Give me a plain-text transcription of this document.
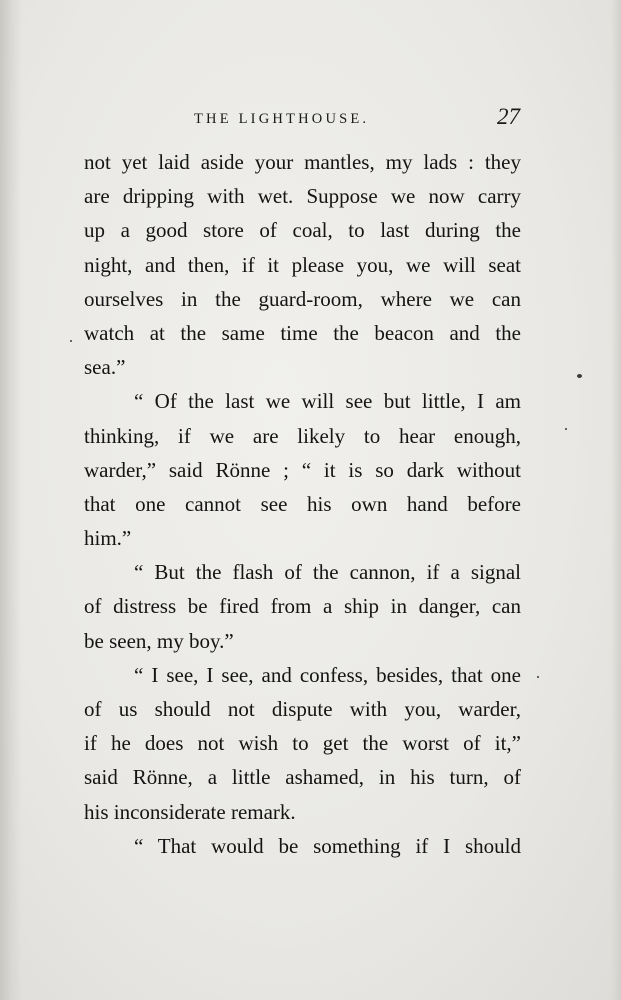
THE LIGHTHOUSE.	27
not yet laid aside your mantles, my lads : they
are dripping with wet. Suppose we now carry
up a good store of coal, to last during the
night, and then, if it please you, we will seat
ourselves in the guard-room, where we can
watch at the same time the beacon and the
sea.”
“ Of the last we will see but little, I am
thinking, if we are likely to hear enough,
warder,” said Rönne ; “ it is so dark without
that one cannot see his own hand before
him.”
“ But the flash of the cannon, if a signal
of distress be fired from a ship in danger, can
be seen, my boy.”
“ I see, I see, and confess, besides, that one
of us should not dispute with you, warder,
if he does not wish to get the worst of it,”
said Rönne, a little ashamed, in his turn, of
his inconsiderate remark.
“ That would be something if I should
